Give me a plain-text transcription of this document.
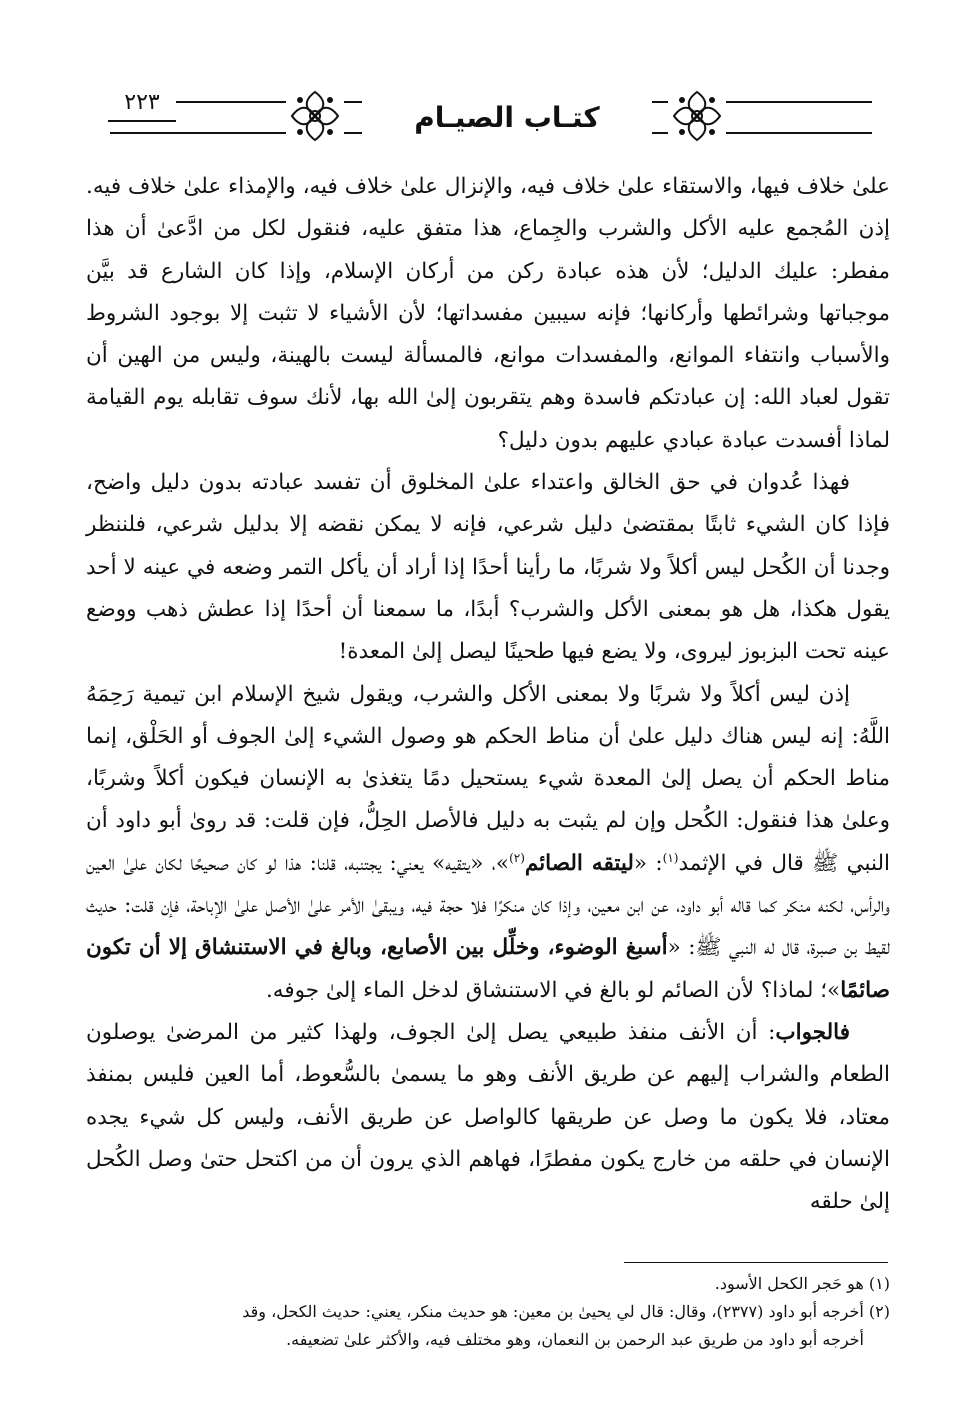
كتـاب الصيـام
٢٢٣

علىٰ خلاف فيها، والاستقاء علىٰ خلاف فيه، والإنزال علىٰ خلاف فيه، والإمذاء علىٰ خلاف فيه. إذن المُجمع عليه الأكل والشرب والجِماع، هذا متفق عليه، فنقول لكل من ادَّعىٰ أن هذا مفطر: عليك الدليل؛ لأن هذه عبادة ركن من أركان الإسلام، وإذا كان الشارع قد بيَّن موجباتها وشرائطها وأركانها؛ فإنه سيبين مفسداتها؛ لأن الأشياء لا تثبت إلا بوجود الشروط والأسباب وانتفاء الموانع، والمفسدات موانع، فالمسألة ليست بالهينة، وليس من الهين أن تقول لعباد الله: إن عبادتكم فاسدة وهم يتقربون إلىٰ الله بها، لأنك سوف تقابله يوم القيامة لماذا أفسدت عبادة عبادي عليهم بدون دليل؟

فهذا عُدوان في حق الخالق واعتداء علىٰ المخلوق أن تفسد عبادته بدون دليل واضح، فإذا كان الشيء ثابتًا بمقتضىٰ دليل شرعي، فإنه لا يمكن نقضه إلا بدليل شرعي، فلننظر وجدنا أن الكُحل ليس أكلاً ولا شربًا، ما رأينا أحدًا إذا أراد أن يأكل التمر وضعه في عينه لا أحد يقول هكذا، هل هو بمعنى الأكل والشرب؟ أبدًا، ما سمعنا أن أحدًا إذا عطش ذهب ووضع عينه تحت البزبوز ليروى، ولا يضع فيها طحينًا ليصل إلىٰ المعدة!

إذن ليس أكلاً ولا شربًا ولا بمعنى الأكل والشرب، ويقول شيخ الإسلام ابن تيمية رَحِمَهُ اللَّهُ: إنه ليس هناك دليل علىٰ أن مناط الحكم هو وصول الشيء إلىٰ الجوف أو الحَلْق، إنما مناط الحكم أن يصل إلىٰ المعدة شيء يستحيل دمًا يتغذىٰ به الإنسان فيكون أكلاً وشربًا، وعلىٰ هذا فنقول: الكُحل وإن لم يثبت به دليل فالأصل الحِلُّ، فإن قلت: قد روىٰ أبو داود أن النبي ﷺ قال في الإثمد$^{(١)}$: «ليتقه الصائم$^{(٢)}$»، «يتقيه» يعني: يجتنبه، قلنا: هذا لو كان صحيحًا لكان علىٰ العين والرأس، لكنه منكر كما قاله أبو داود، عن ابن معين، وإذا كان منكرًا فلا حجة فيه، ويبقىٰ الأمر علىٰ الأصل علىٰ الإباحة، فإن قلت: حديث لقيط بن صبرة، قال له النبي ﷺ: «أسبغ الوضوء، وخلِّل بين الأصابع، وبالغ في الاستنشاق إلا أن تكون صائمًا»؛ لماذا؟ لأن الصائم لو بالغ في الاستنشاق لدخل الماء إلىٰ جوفه.

فالجواب: أن الأنف منفذ طبيعي يصل إلىٰ الجوف، ولهذا كثير من المرضىٰ يوصلون الطعام والشراب إليهم عن طريق الأنف وهو ما يسمىٰ بالسُّعوط، أما العين فليس بمنفذ معتاد، فلا يكون ما وصل عن طريقها كالواصل عن طريق الأنف، وليس كل شيء يجده الإنسان في حلقه من خارج يكون مفطرًا، فهاهم الذي يرون أن من اكتحل حتىٰ وصل الكُحل إلىٰ حلقه

(١) هو حَجر الكحل الأسود.

(٢) أخرجه أبو داود (٢٣٧٧)، وقال: قال لي يحيىٰ بن معين: هو حديث منكر، يعني: حديث الكحل، وقد
أخرجه أبو داود من طريق عبد الرحمن بن النعمان، وهو مختلف فيه، والأكثر علىٰ تضعيفه.
